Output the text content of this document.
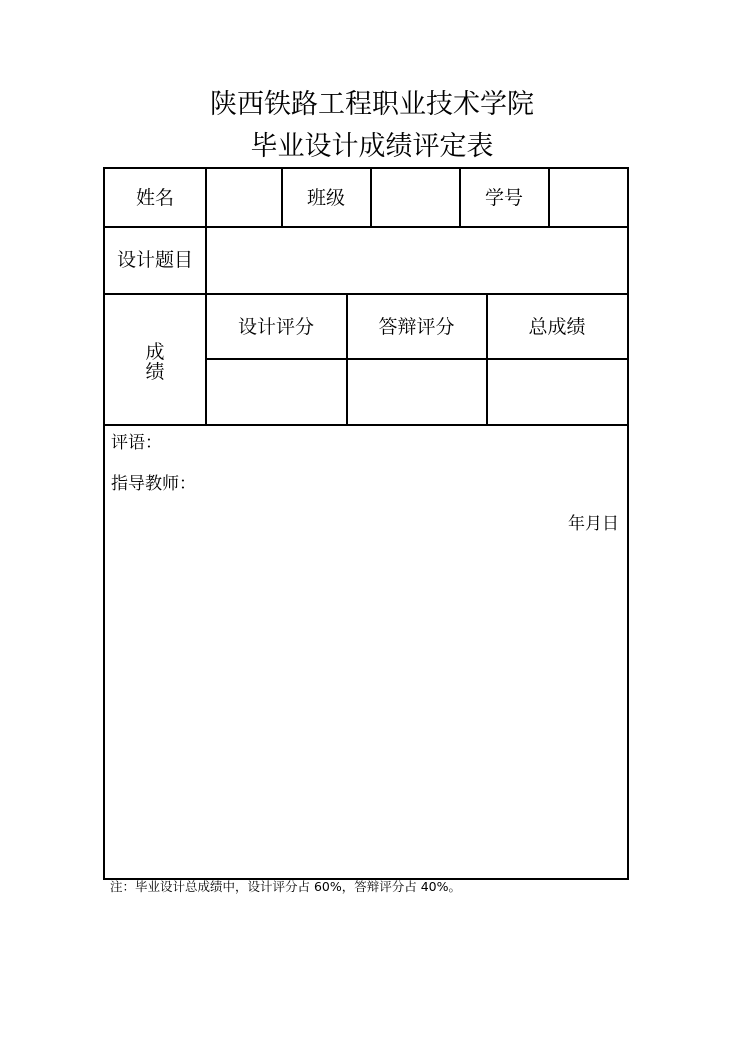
陕西铁路工程职业技术学院
毕业设计成绩评定表
姓名	班级	学号
设计题目
成
绩
设计评分	答辩评分	总成绩
评语：
指导教师：
年月日
注：毕业设计总成绩中，设计评分占 60%，答辩评分占 40%。
